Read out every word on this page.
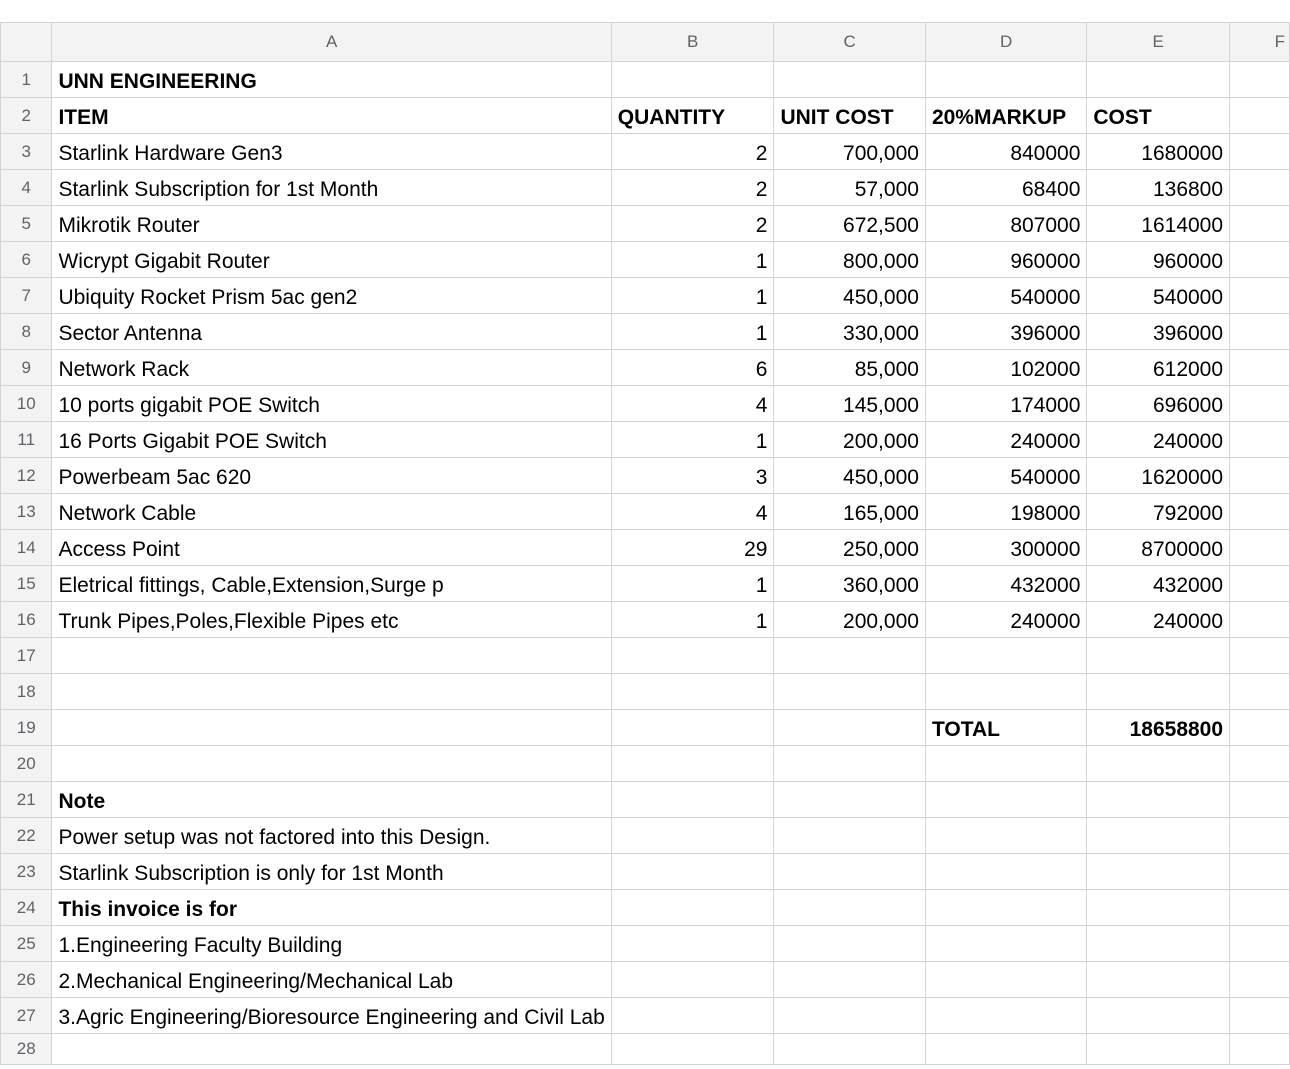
	A	B	C	D	E	F
1	UNN ENGINEERING					

2	ITEM	QUANTITY	UNIT COST	20%MARKUP	COST	

3	Starlink Hardware Gen3	2	700,000	840000	1680000	

4	Starlink Subscription for 1st Month	2	57,000	68400	136800	

5	Mikrotik Router	2	672,500	807000	1614000	

6	Wicrypt Gigabit Router	1	800,000	960000	960000	

7	Ubiquity Rocket Prism 5ac gen2	1	450,000	540000	540000	

8	Sector Antenna	1	330,000	396000	396000	

9	Network Rack	6	85,000	102000	612000	

10	10 ports gigabit POE Switch	4	145,000	174000	696000	

11	16 Ports Gigabit POE Switch	1	200,000	240000	240000	

12	Powerbeam 5ac 620	3	450,000	540000	1620000	

13	Network Cable	4	165,000	198000	792000	

14	Access Point	29	250,000	300000	8700000	

15	Eletrical fittings, Cable,Extension,Surge p	1	360,000	432000	432000	

16	Trunk Pipes,Poles,Flexible Pipes etc	1	200,000	240000	240000	

17	

18	

19				TOTAL	18658800	

20	

21	Note					

22	Power setup was not factored into this Design.					

23	Starlink Subscription is only for 1st Month					

24	This invoice is for					

25	1.Engineering Faculty Building					

26	2.Mechanical Engineering/Mechanical Lab					

27	3.Agric Engineering/Bioresource Engineering and Civil Lab					

28	
